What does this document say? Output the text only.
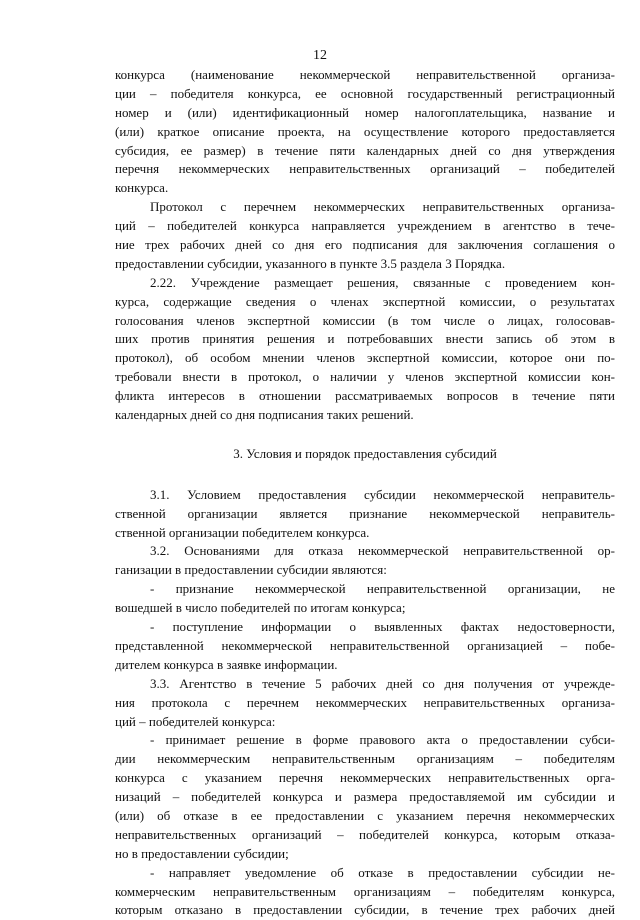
12
конкурса (наименование некоммерческой неправительственной организа-
ции – победителя конкурса, ее основной государственный регистрационный
номер и (или) идентификационный номер налогоплательщика, название и
(или) краткое описание проекта, на осуществление которого предоставляется
субсидия, ее размер) в течение пяти календарных дней со дня утверждения
перечня некоммерческих неправительственных организаций – победителей
конкурса.
Протокол с перечнем некоммерческих неправительственных организа-
ций – победителей конкурса направляется учреждением в агентство в тече-
ние трех рабочих дней со дня его подписания для заключения соглашения о
предоставлении субсидии, указанного в пункте 3.5 раздела 3 Порядка.
2.22. Учреждение размещает решения, связанные с проведением кон-
курса, содержащие сведения о членах экспертной комиссии, о результатах
голосования членов экспертной комиссии (в том числе о лицах, голосовав-
ших против принятия решения и потребовавших внести запись об этом в
протокол), об особом мнении членов экспертной комиссии, которое они по-
требовали внести в протокол, о наличии у членов экспертной комиссии кон-
фликта интересов в отношении рассматриваемых вопросов в течение пяти
календарных дней со дня подписания таких решений.
3. Условия и порядок предоставления субсидий
3.1. Условием предоставления субсидии некоммерческой неправитель-
ственной организации является признание некоммерческой неправитель-
ственной организации победителем конкурса.
3.2. Основаниями для отказа некоммерческой неправительственной ор-
ганизации в предоставлении субсидии являются:
- признание некоммерческой неправительственной организации, не
вошедшей в число победителей по итогам конкурса;
- поступление информации о выявленных фактах недостоверности,
представленной некоммерческой неправительственной организацией – побе-
дителем конкурса в заявке информации.
3.3. Агентство в течение 5 рабочих дней со дня получения от учрежде-
ния протокола с перечнем некоммерческих неправительственных организа-
ций – победителей конкурса:
- принимает решение в форме правового акта о предоставлении субси-
дии некоммерческим неправительственным организациям – победителям
конкурса с указанием перечня некоммерческих неправительственных орга-
низаций – победителей конкурса и размера предоставляемой им субсидии и
(или) об отказе в ее предоставлении с указанием перечня некоммерческих
неправительственных организаций – победителей конкурса, которым отказа-
но в предоставлении субсидии;
- направляет уведомление об отказе в предоставлении субсидии не-
коммерческим неправительственным организациям – победителям конкурса,
которым отказано в предоставлении субсидии, в течение трех рабочих дней
